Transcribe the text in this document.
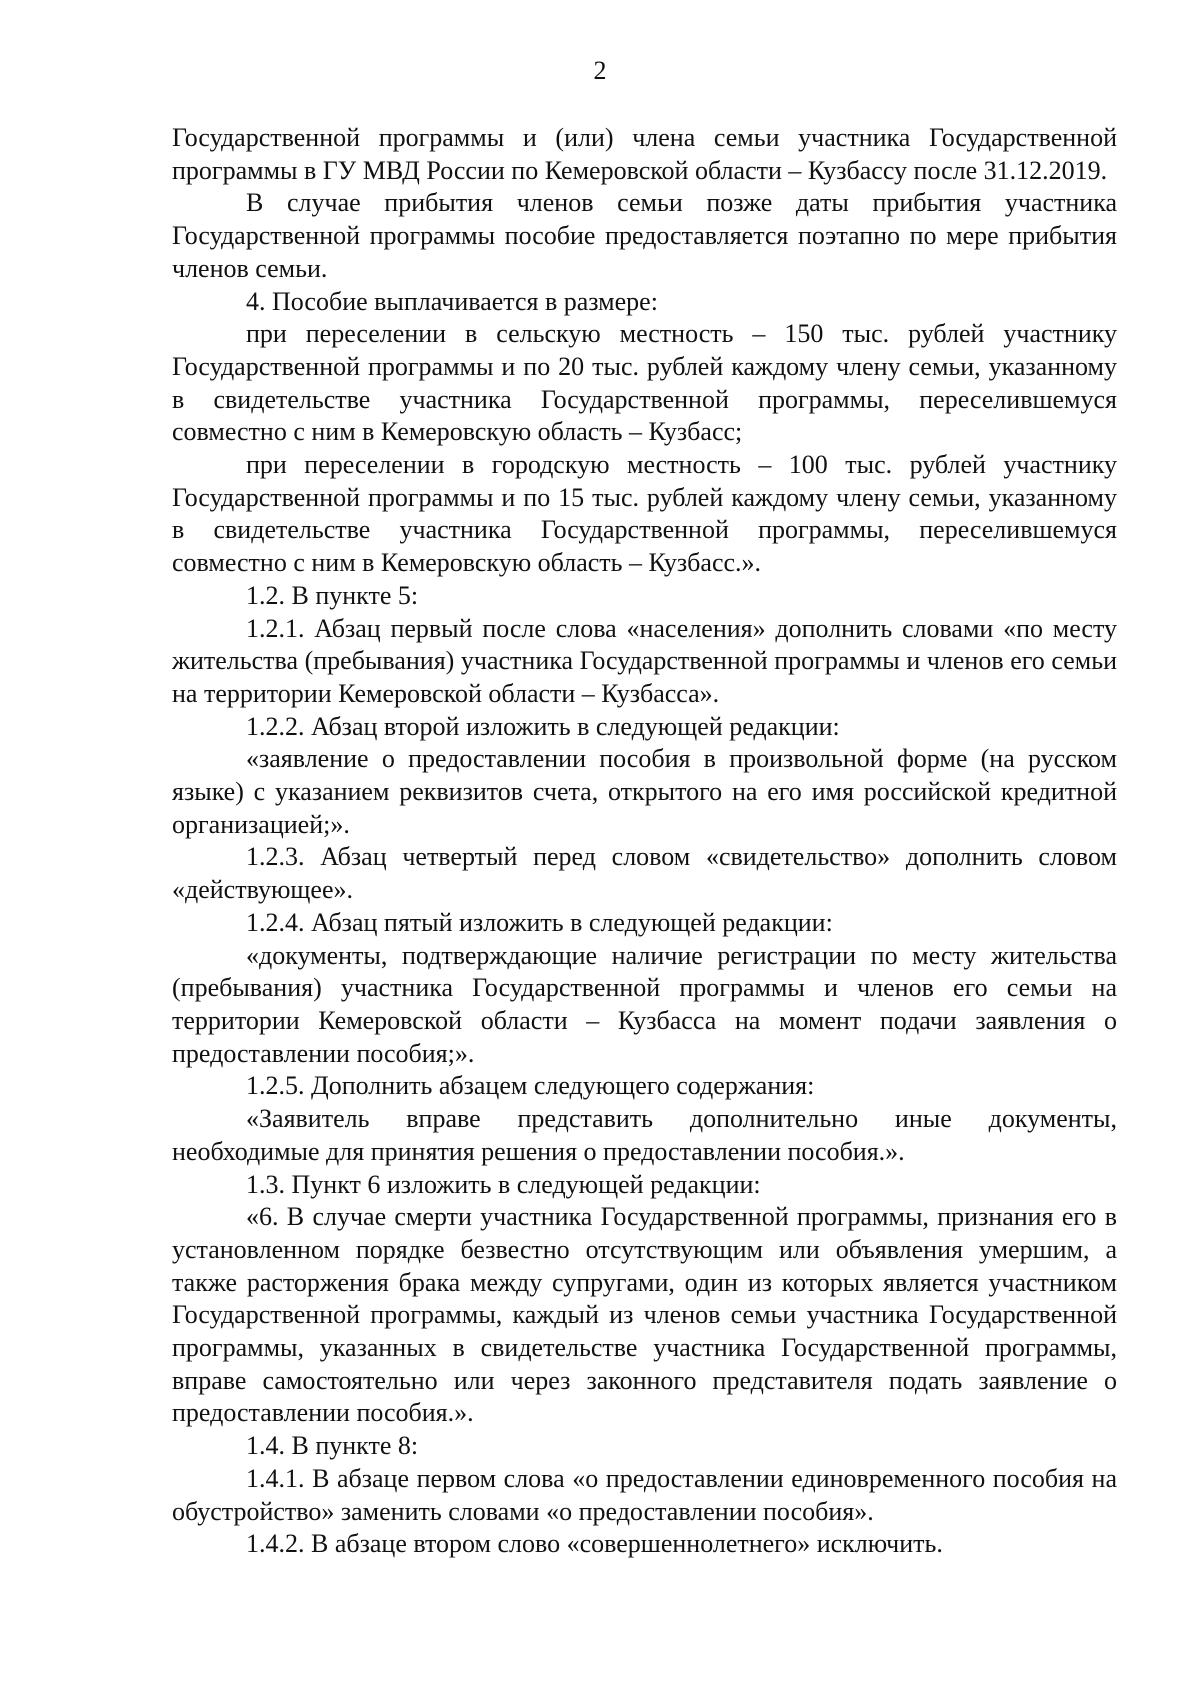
2

Государственной программы и (или) члена семьи участника Государственной программы в ГУ МВД России по Кемеровской области – Кузбассу после 31.12.2019.

В случае прибытия членов семьи позже даты прибытия участника Государственной программы пособие предоставляется поэтапно по мере прибытия членов семьи.

4. Пособие выплачивается в размере:

при переселении в сельскую местность – 150 тыс. рублей участнику Государственной программы и по 20 тыс. рублей каждому члену семьи, указанному в свидетельстве участника Государственной программы, переселившемуся совместно с ним в Кемеровскую область – Кузбасс;

при переселении в городскую местность – 100 тыс. рублей участнику Государственной программы и по 15 тыс. рублей каждому члену семьи, указанному в свидетельстве участника Государственной программы, переселившемуся совместно с ним в Кемеровскую область – Кузбасс.».

1.2. В пункте 5:

1.2.1. Абзац первый после слова «населения» дополнить словами «по месту жительства (пребывания) участника Государственной программы и членов его семьи на территории Кемеровской области – Кузбасса».

1.2.2. Абзац второй изложить в следующей редакции:

«заявление о предоставлении пособия в произвольной форме (на русском языке) с указанием реквизитов счета, открытого на его имя российской кредитной организацией;».

1.2.3. Абзац четвертый перед словом «свидетельство» дополнить словом «действующее».

1.2.4. Абзац пятый изложить в следующей редакции:

«документы, подтверждающие наличие регистрации по месту жительства (пребывания) участника Государственной программы и членов его семьи на территории Кемеровской области – Кузбасса на момент подачи заявления о предоставлении пособия;».

1.2.5. Дополнить абзацем следующего содержания:

«Заявитель вправе представить дополнительно иные документы, необходимые для принятия решения о предоставлении пособия.».

1.3. Пункт 6 изложить в следующей редакции:

«6. В случае смерти участника Государственной программы, признания его в установленном порядке безвестно отсутствующим или объявления умершим, а также расторжения брака между супругами, один из которых является участником Государственной программы, каждый из членов семьи участника Государственной программы, указанных в свидетельстве участника Государственной программы, вправе самостоятельно или через законного представителя подать заявление о предоставлении пособия.».

1.4. В пункте 8:

1.4.1. В абзаце первом слова «о предоставлении единовременного пособия на обустройство» заменить словами «о предоставлении пособия».

1.4.2. В абзаце втором слово «совершеннолетнего» исключить.
